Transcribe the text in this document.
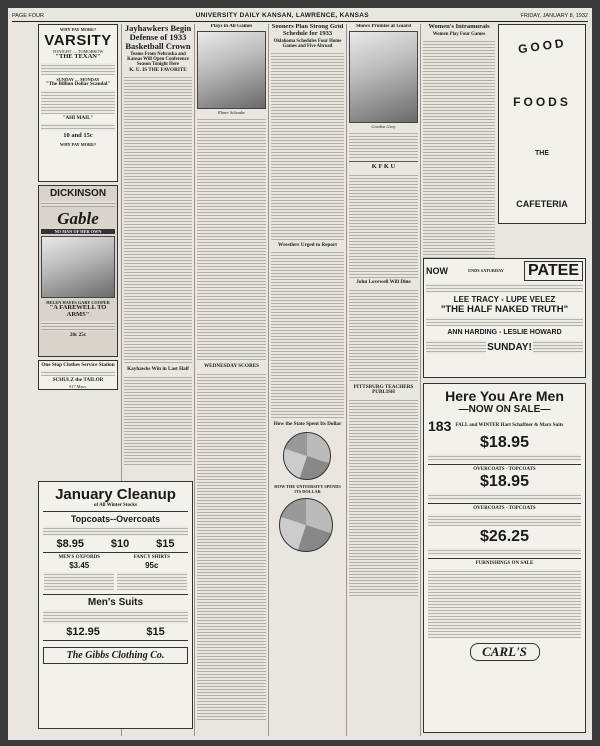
PAGE FOUR	UNIVERSITY DAILY KANSAN, LAWRENCE, KANSAS	FRIDAY, JANUARY 8, 1932
WHY PAY MORE?
VARSITY
TONIGHT — TOMORROW
"THE TEXAN"
SUNDAY — MONDAY
"The Billion Dollar Scandal"
"AHI MAIL"
10 and 15c
WHY PAY MORE?
DICKINSON
Gable
NO MAN OF HER OWN
HELEN HAYES GARY COOPER
"A FAREWELL TO ARMS"
20c 25c
One Stop Clothes Service Station
SCHULZ the TAILOR
917 Mass.
January Cleanup
of All Winter Stocks
Topcoats--Overcoats
$8.95 $10 $15
MEN'S OXFORDS
$3.45
FANCY SHIRTS
95c
Men's Suits
$12.95	$15
The Gibbs Clothing Co.
Jayhawkers Begin Defense of 1933 Basketball Crown
Teams From Nebraska and Kansas Will Open Conference Season Tonight Here
K. U. IS THE FAVORITE
Kayhawks Win in Last Half
Plays in All Games
Elmer Schaake
WEDNESDAY SCORES
Sooners Plan Strong Grid Schedule for 1933
Oklahoma Schedules Four Home Games and Five Abroad
Wrestlers Urged to Report
How the State Spent Its Dollar
HOW THE UNIVERSITY SPENDS ITS DOLLAR
Shows Promise at Guard
Gordon Gray
K F K U
John Lovewell Will Dine
PITTSBURG TEACHERS PUBLISH
Women's Intramurals
Women Play Four Games
GOOD
FOODS
THE
CAFETERIA
NOW	ENDS SATURDAY PATEE
LEE TRACY - LUPE VELEZ
"THE HALF NAKED TRUTH"
ANN HARDING - LESLIE HOWARD
SUNDAY!
Here You Are Men
—NOW ON SALE—
183 FALL and WINTER Hart Schaffner & Marx Suits
$18.95
OVERCOATS - TOPCOATS
$18.95
OVERCOATS - TOPCOATS
$26.25
FURNISHINGS ON SALE
CARL'S
